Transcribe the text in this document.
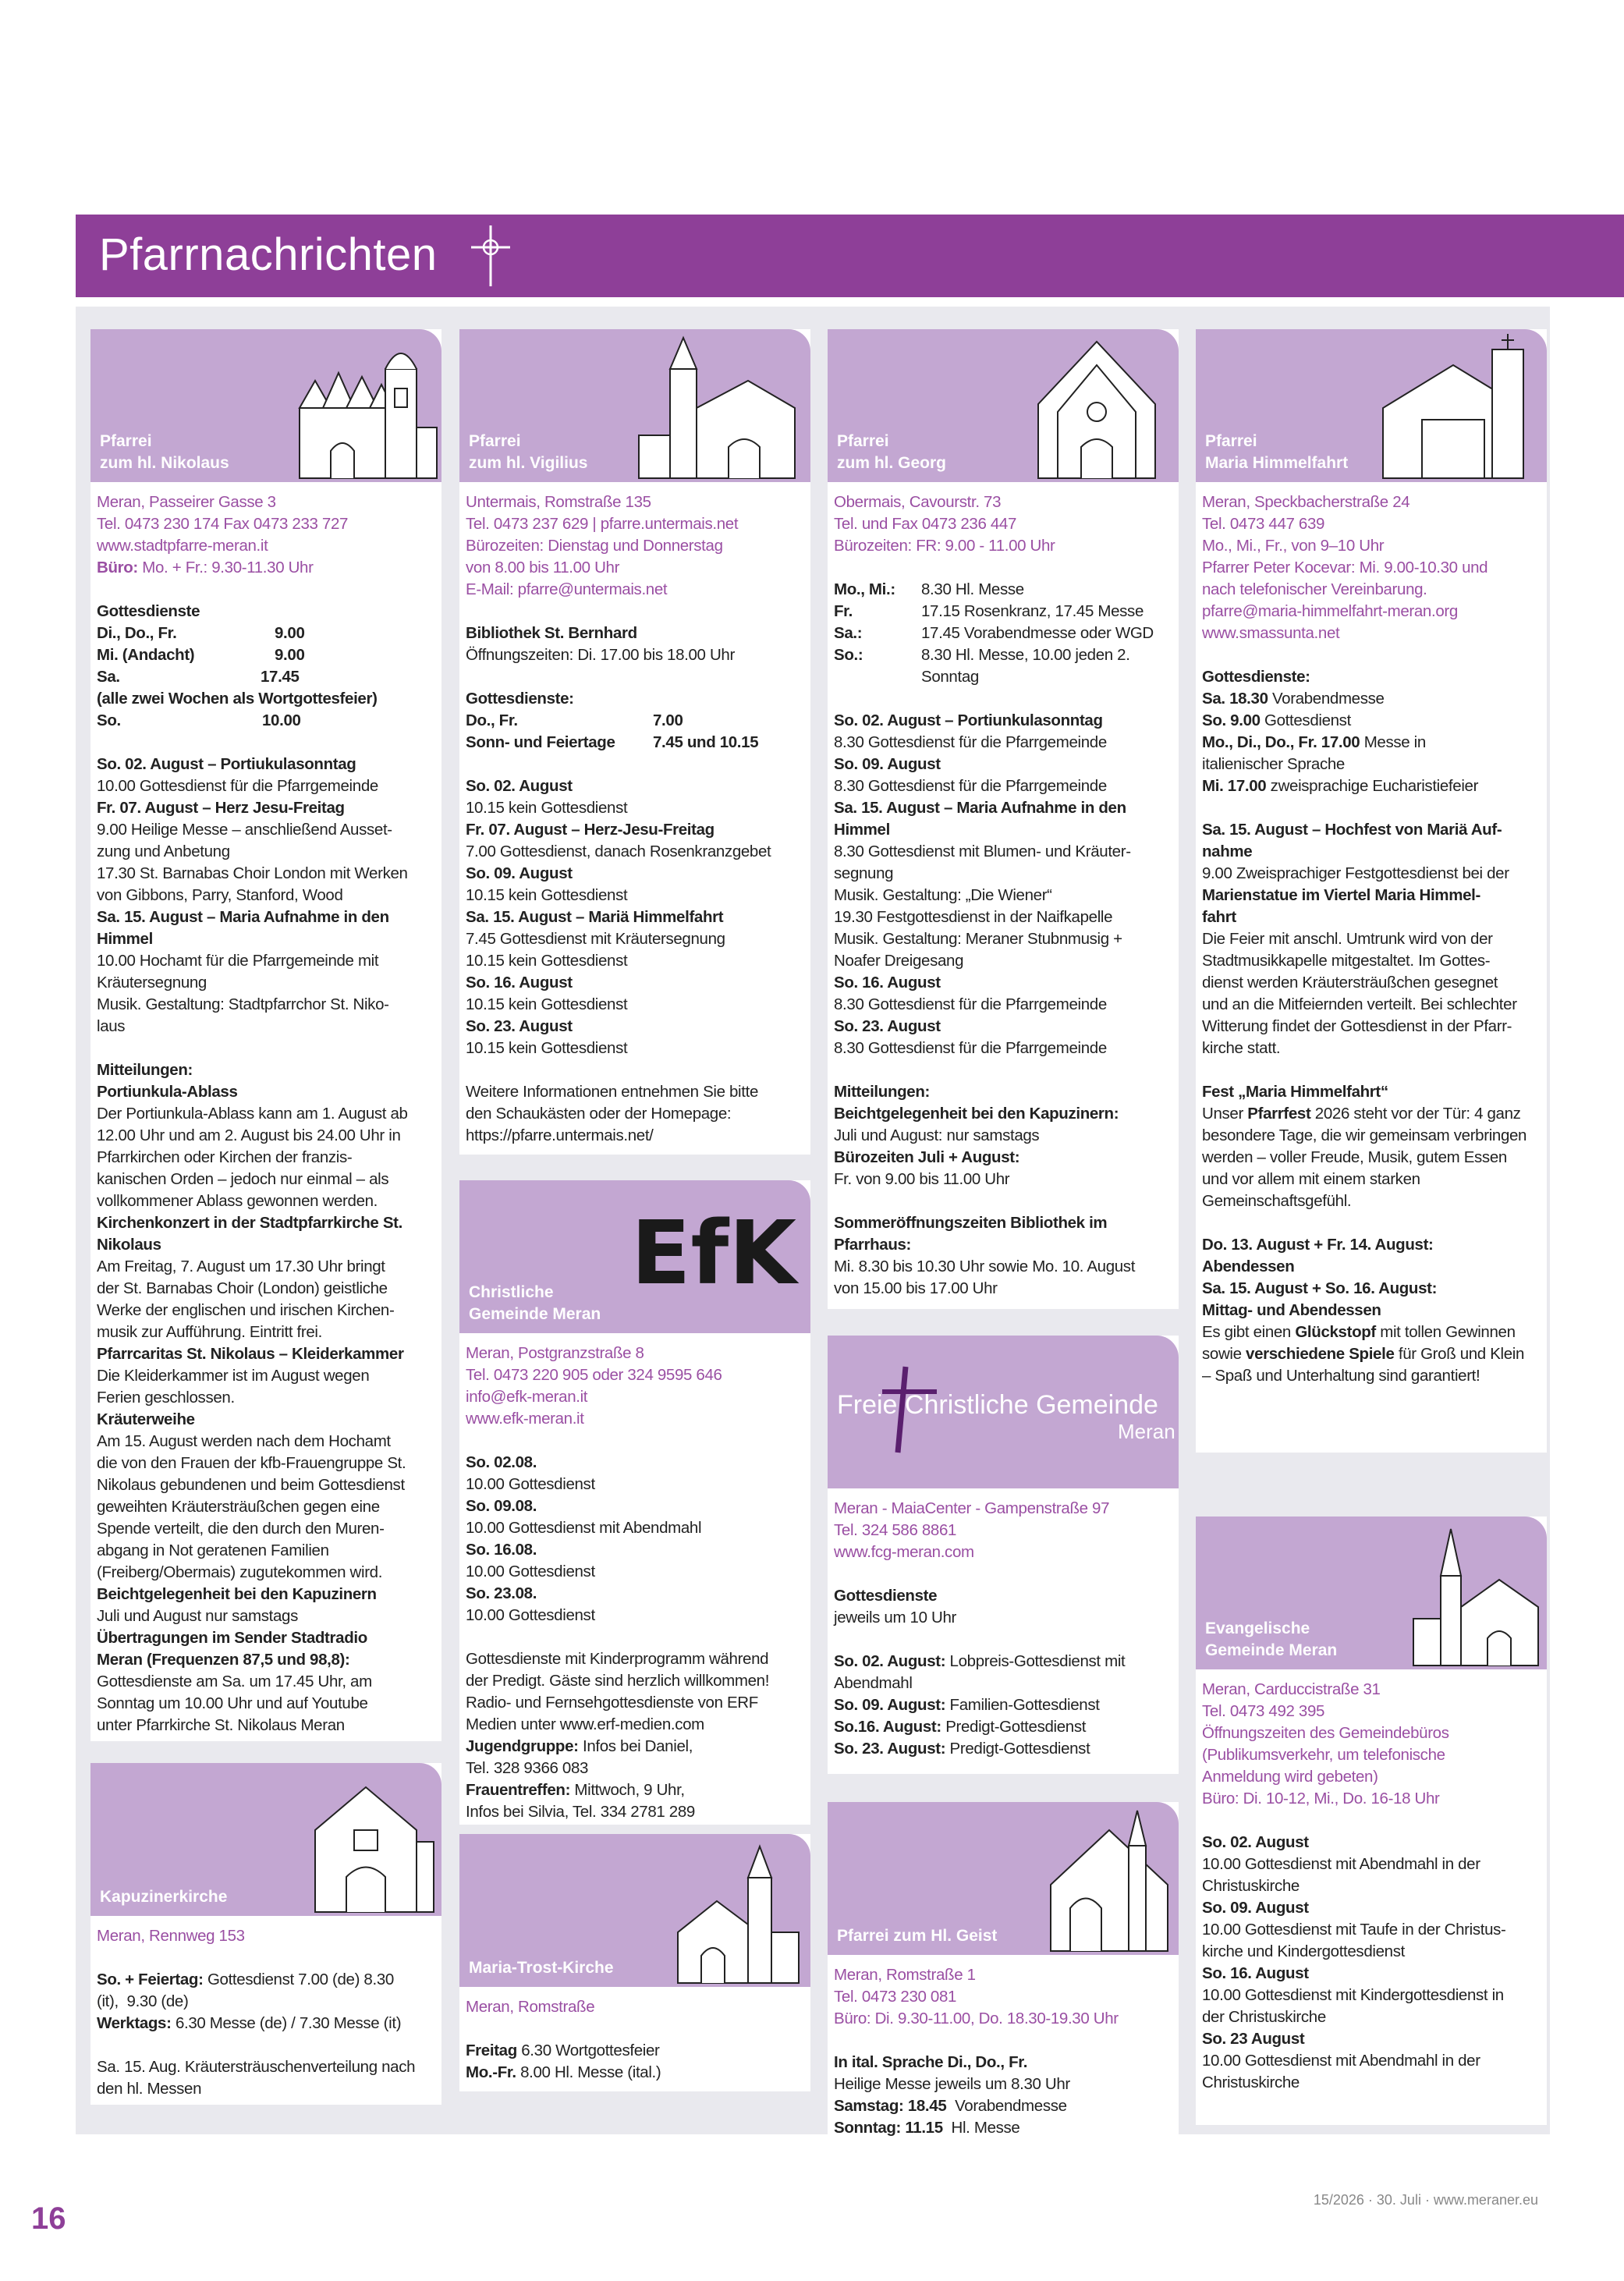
Pfarrnachrichten
Pfarrei
zum hl. Nikolaus

Meran, Passeirer Gasse 3

Tel. 0473 230 174 Fax 0473 233 727

www.stadtpfarre-meran.it

Büro: Mo. + Fr.: 9.30-11.30 Uhr

Gottesdienste
Di., Do., Fr.	9.00
Mi. (Andacht)	9.00
Sa.	17.45
(alle zwei Wochen als Wortgottesfeier)
So.	10.00
So. 02. August – Portiukulasonntag
10.00 Gottesdienst für die Pfarrgemeinde
Fr. 07. August – Herz Jesu-Freitag
9.00 Heilige Messe – anschließend Ausset-
zung und Anbetung
17.30 St. Barnabas Choir London mit Werken
von Gibbons, Parry, Stanford, Wood
Sa. 15. August – Maria Aufnahme in den
Himmel
10.00 Hochamt für die Pfarrgemeinde mit
Kräutersegnung
Musik. Gestaltung: Stadtpfarrchor St. Niko-
laus
Mitteilungen:
Portiunkula-Ablass
Der Portiunkula-Ablass kann am 1. August ab
12.00 Uhr und am 2. August bis 24.00 Uhr in
Pfarrkirchen oder Kirchen der franzis-
kanischen Orden – jedoch nur einmal – als
vollkommener Ablass gewonnen werden.
Kirchenkonzert in der Stadtpfarrkirche St.
Nikolaus
Am Freitag, 7. August um 17.30 Uhr bringt
der St. Barnabas Choir (London) geistliche
Werke der englischen und irischen Kirchen-
musik zur Aufführung. Eintritt frei.
Pfarrcaritas St. Nikolaus – Kleiderkammer
Die Kleiderkammer ist im August wegen
Ferien geschlossen.
Kräuterweihe
Am 15. August werden nach dem Hochamt
die von den Frauen der kfb-Frauengruppe St.
Nikolaus gebundenen und beim Gottesdienst
geweihten Kräutersträußchen gegen eine
Spende verteilt, die den durch den Muren-
abgang in Not geratenen Familien
(Freiberg/Obermais) zugutekommen wird.
Beichtgelegenheit bei den Kapuzinern
Juli und August nur samstags
Übertragungen im Sender Stadtradio
Meran (Frequenzen 87,5 und 98,8):
Gottesdienste am Sa. um 17.45 Uhr, am
Sonntag um 10.00 Uhr und auf Youtube
unter Pfarrkirche St. Nikolaus Meran
Kapuzinerkirche

Meran, Rennweg 153

So. + Feiertag: Gottesdienst 7.00 (de) 8.30
(it),  9.30 (de)
Werktags: 6.30 Messe (de) / 7.30 Messe (it)
Sa. 15. Aug. Kräutersträuschenverteilung nach
den hl. Messen
Pfarrei
zum hl. Vigilius

Untermais, Romstraße 135

Tel. 0473 237 629 | pfarre.untermais.net

Bürozeiten: Dienstag und Donnerstag

von 8.00 bis 11.00 Uhr

E-Mail: pfarre@untermais.net

Bibliothek St. Bernhard
Öffnungszeiten: Di. 17.00 bis 18.00 Uhr
Gottesdienste:
Do., Fr.	7.00
Sonn- und Feiertage 7.45 und 10.15
So. 02. August
10.15 kein Gottesdienst
Fr. 07. August – Herz-Jesu-Freitag
7.00 Gottesdienst, danach Rosenkranzgebet
So. 09. August
10.15 kein Gottesdienst
Sa. 15. August – Mariä Himmelfahrt
7.45 Gottesdienst mit Kräutersegnung
10.15 kein Gottesdienst
So. 16. August
10.15 kein Gottesdienst
So. 23. August
10.15 kein Gottesdienst
Weitere Informationen entnehmen Sie bitte
den Schaukästen oder der Homepage:
https://pfarre.untermais.net/
EfK
Christliche
Gemeinde Meran

Meran, Postgranzstraße 8

Tel. 0473 220 905 oder 324 9595 646

info@efk-meran.it

www.efk-meran.it

So. 02.08.
10.00 Gottesdienst
So. 09.08.
10.00 Gottesdienst mit Abendmahl
So. 16.08.
10.00 Gottesdienst
So. 23.08.
10.00 Gottesdienst
Gottesdienste mit Kinderprogramm während
der Predigt. Gäste sind herzlich willkommen!
Radio- und Fernsehgottesdienste von ERF
Medien unter www.erf-medien.com
Jugendgruppe: Infos bei Daniel,
Tel. 328 9366 083
Frauentreffen: Mittwoch, 9 Uhr,
Infos bei Silvia, Tel. 334 2781 289
Maria-Trost-Kirche

Meran, Romstraße

Freitag 6.30 Wortgottesfeier
Mo.-Fr. 8.00 Hl. Messe (ital.)
Pfarrei
zum hl. Georg

Obermais, Cavourstr. 73

Tel. und Fax 0473 236 447

Bürozeiten: FR: 9.00 - 11.00 Uhr

Mo., Mi.: 8.30 Hl. Messe
Fr.	17.15 Rosenkranz, 17.45 Messe
Sa.:	17.45 Vorabendmesse oder WGD
So.:	8.30 Hl. Messe, 10.00 jeden 2.
Sonntag
So. 02. August – Portiunkulasonntag
8.30 Gottesdienst für die Pfarrgemeinde
So. 09. August
8.30 Gottesdienst für die Pfarrgemeinde
Sa. 15. August – Maria Aufnahme in den
Himmel
8.30 Gottesdienst mit Blumen- und Kräuter-
segnung
Musik. Gestaltung: „Die Wiener“
19.30 Festgottesdienst in der Naifkapelle
Musik. Gestaltung: Meraner Stubnmusig +
Noafer Dreigesang
So. 16. August
8.30 Gottesdienst für die Pfarrgemeinde
So. 23. August
8.30 Gottesdienst für die Pfarrgemeinde
Mitteilungen:
Beichtgelegenheit bei den Kapuzinern:
Juli und August: nur samstags
Bürozeiten Juli + August:
Fr. von 9.00 bis 11.00 Uhr
Sommeröffnungszeiten Bibliothek im
Pfarrhaus:
Mi. 8.30 bis 10.30 Uhr sowie Mo. 10. August
von 15.00 bis 17.00 Uhr
Freie Christliche Gemeinde
Meran

Meran - MaiaCenter - Gampenstraße 97

Tel. 324 586 8861

www.fcg-meran.com

Gottesdienste
jeweils um 10 Uhr
So. 02. August: Lobpreis-Gottesdienst mit
Abendmahl
So. 09. August: Familien-Gottesdienst
So.16. August: Predigt-Gottesdienst
So. 23. August: Predigt-Gottesdienst
Pfarrei zum Hl. Geist

Meran, Romstraße 1

Tel. 0473 230 081

Büro: Di. 9.30-11.00, Do. 18.30-19.30 Uhr

In ital. Sprache Di., Do., Fr.
Heilige Messe jeweils um 8.30 Uhr
Samstag: 18.45  Vorabendmesse
Sonntag: 11.15  Hl. Messe
Pfarrei
Maria Himmelfahrt

Meran, Speckbacherstraße 24

Tel. 0473 447 639

Mo., Mi., Fr., von 9–10 Uhr

Pfarrer Peter Kocevar: Mi. 9.00-10.30 und

nach telefonischer Vereinbarung.

pfarre@maria-himmelfahrt-meran.org

www.smassunta.net

Gottesdienste:
Sa. 18.30 Vorabendmesse
So. 9.00 Gottesdienst
Mo., Di., Do., Fr. 17.00 Messe in
italienischer Sprache
Mi. 17.00 zweisprachige Eucharistiefeier
Sa. 15. August – Hochfest von Mariä Auf-
nahme
9.00 Zweisprachiger Festgottesdienst bei der
Marienstatue im Viertel Maria Himmel-
fahrt
Die Feier mit anschl. Umtrunk wird von der
Stadtmusikkapelle mitgestaltet. Im Gottes-
dienst werden Kräutersträußchen gesegnet
und an die Mitfeiernden verteilt. Bei schlechter
Witterung findet der Gottesdienst in der Pfarr-
kirche statt.
Fest „Maria Himmelfahrt“
Unser Pfarrfest 2026 steht vor der Tür: 4 ganz
besondere Tage, die wir gemeinsam verbringen
werden – voller Freude, Musik, gutem Essen
und vor allem mit einem starken
Gemeinschaftsgefühl.
Do. 13. August + Fr. 14. August:
Abendessen
Sa. 15. August + So. 16. August:
Mittag- und Abendessen
Es gibt einen Glückstopf mit tollen Gewinnen
sowie verschiedene Spiele für Groß und Klein
– Spaß und Unterhaltung sind garantiert!
Evangelische
Gemeinde Meran

Meran, Carduccistraße 31

Tel. 0473 492 395

Öffnungszeiten des Gemeindebüros

(Publikumsverkehr, um telefonische

Anmeldung wird gebeten)

Büro: Di. 10-12, Mi., Do. 16-18 Uhr

So. 02. August
10.00 Gottesdienst mit Abendmahl in der
Christuskirche
So. 09. August
10.00 Gottesdienst mit Taufe in der Christus-
kirche und Kindergottesdienst
So. 16. August
10.00 Gottesdienst mit Kindergottesdienst in
der Christuskirche
So. 23 August
10.00 Gottesdienst mit Abendmahl in der
Christuskirche
16
15/2026 · 30. Juli · www.meraner.eu
